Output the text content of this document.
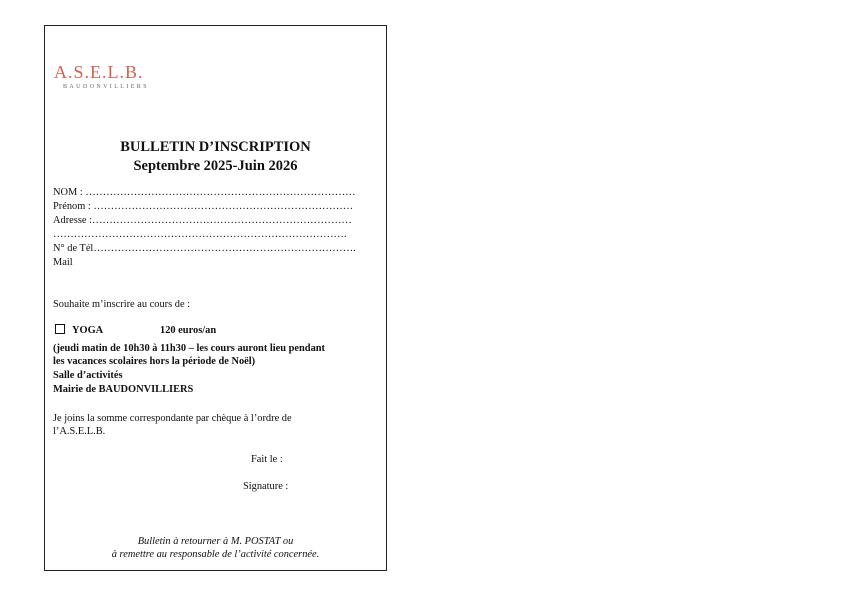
A.S.E.L.B.
BAUDONVILLIERS
BULLETIN D’INSCRIPTION
Septembre 2025-Juin 2026
NOM : ……………………………………………………………………
Prénom : …………………………………………………………………
Adresse :…………………………………………………………………
………………………………………………………………………….
N° de Tél………………………………………………………………….
Mail
Souhaite m’inscrire au cours de :
YOGA	120 euros/an
(jeudi matin de 10h30 à 11h30 – les cours auront lieu pendant
les vacances scolaires hors la période de Noël)
Salle d’activités
Mairie de BAUDONVILLIERS
Je joins la somme correspondante par chèque à l’ordre de
l’A.S.E.L.B.
Fait le :
Signature :
Bulletin à retourner à M. POSTAT ou
à remettre au responsable de l’activité concernée.
